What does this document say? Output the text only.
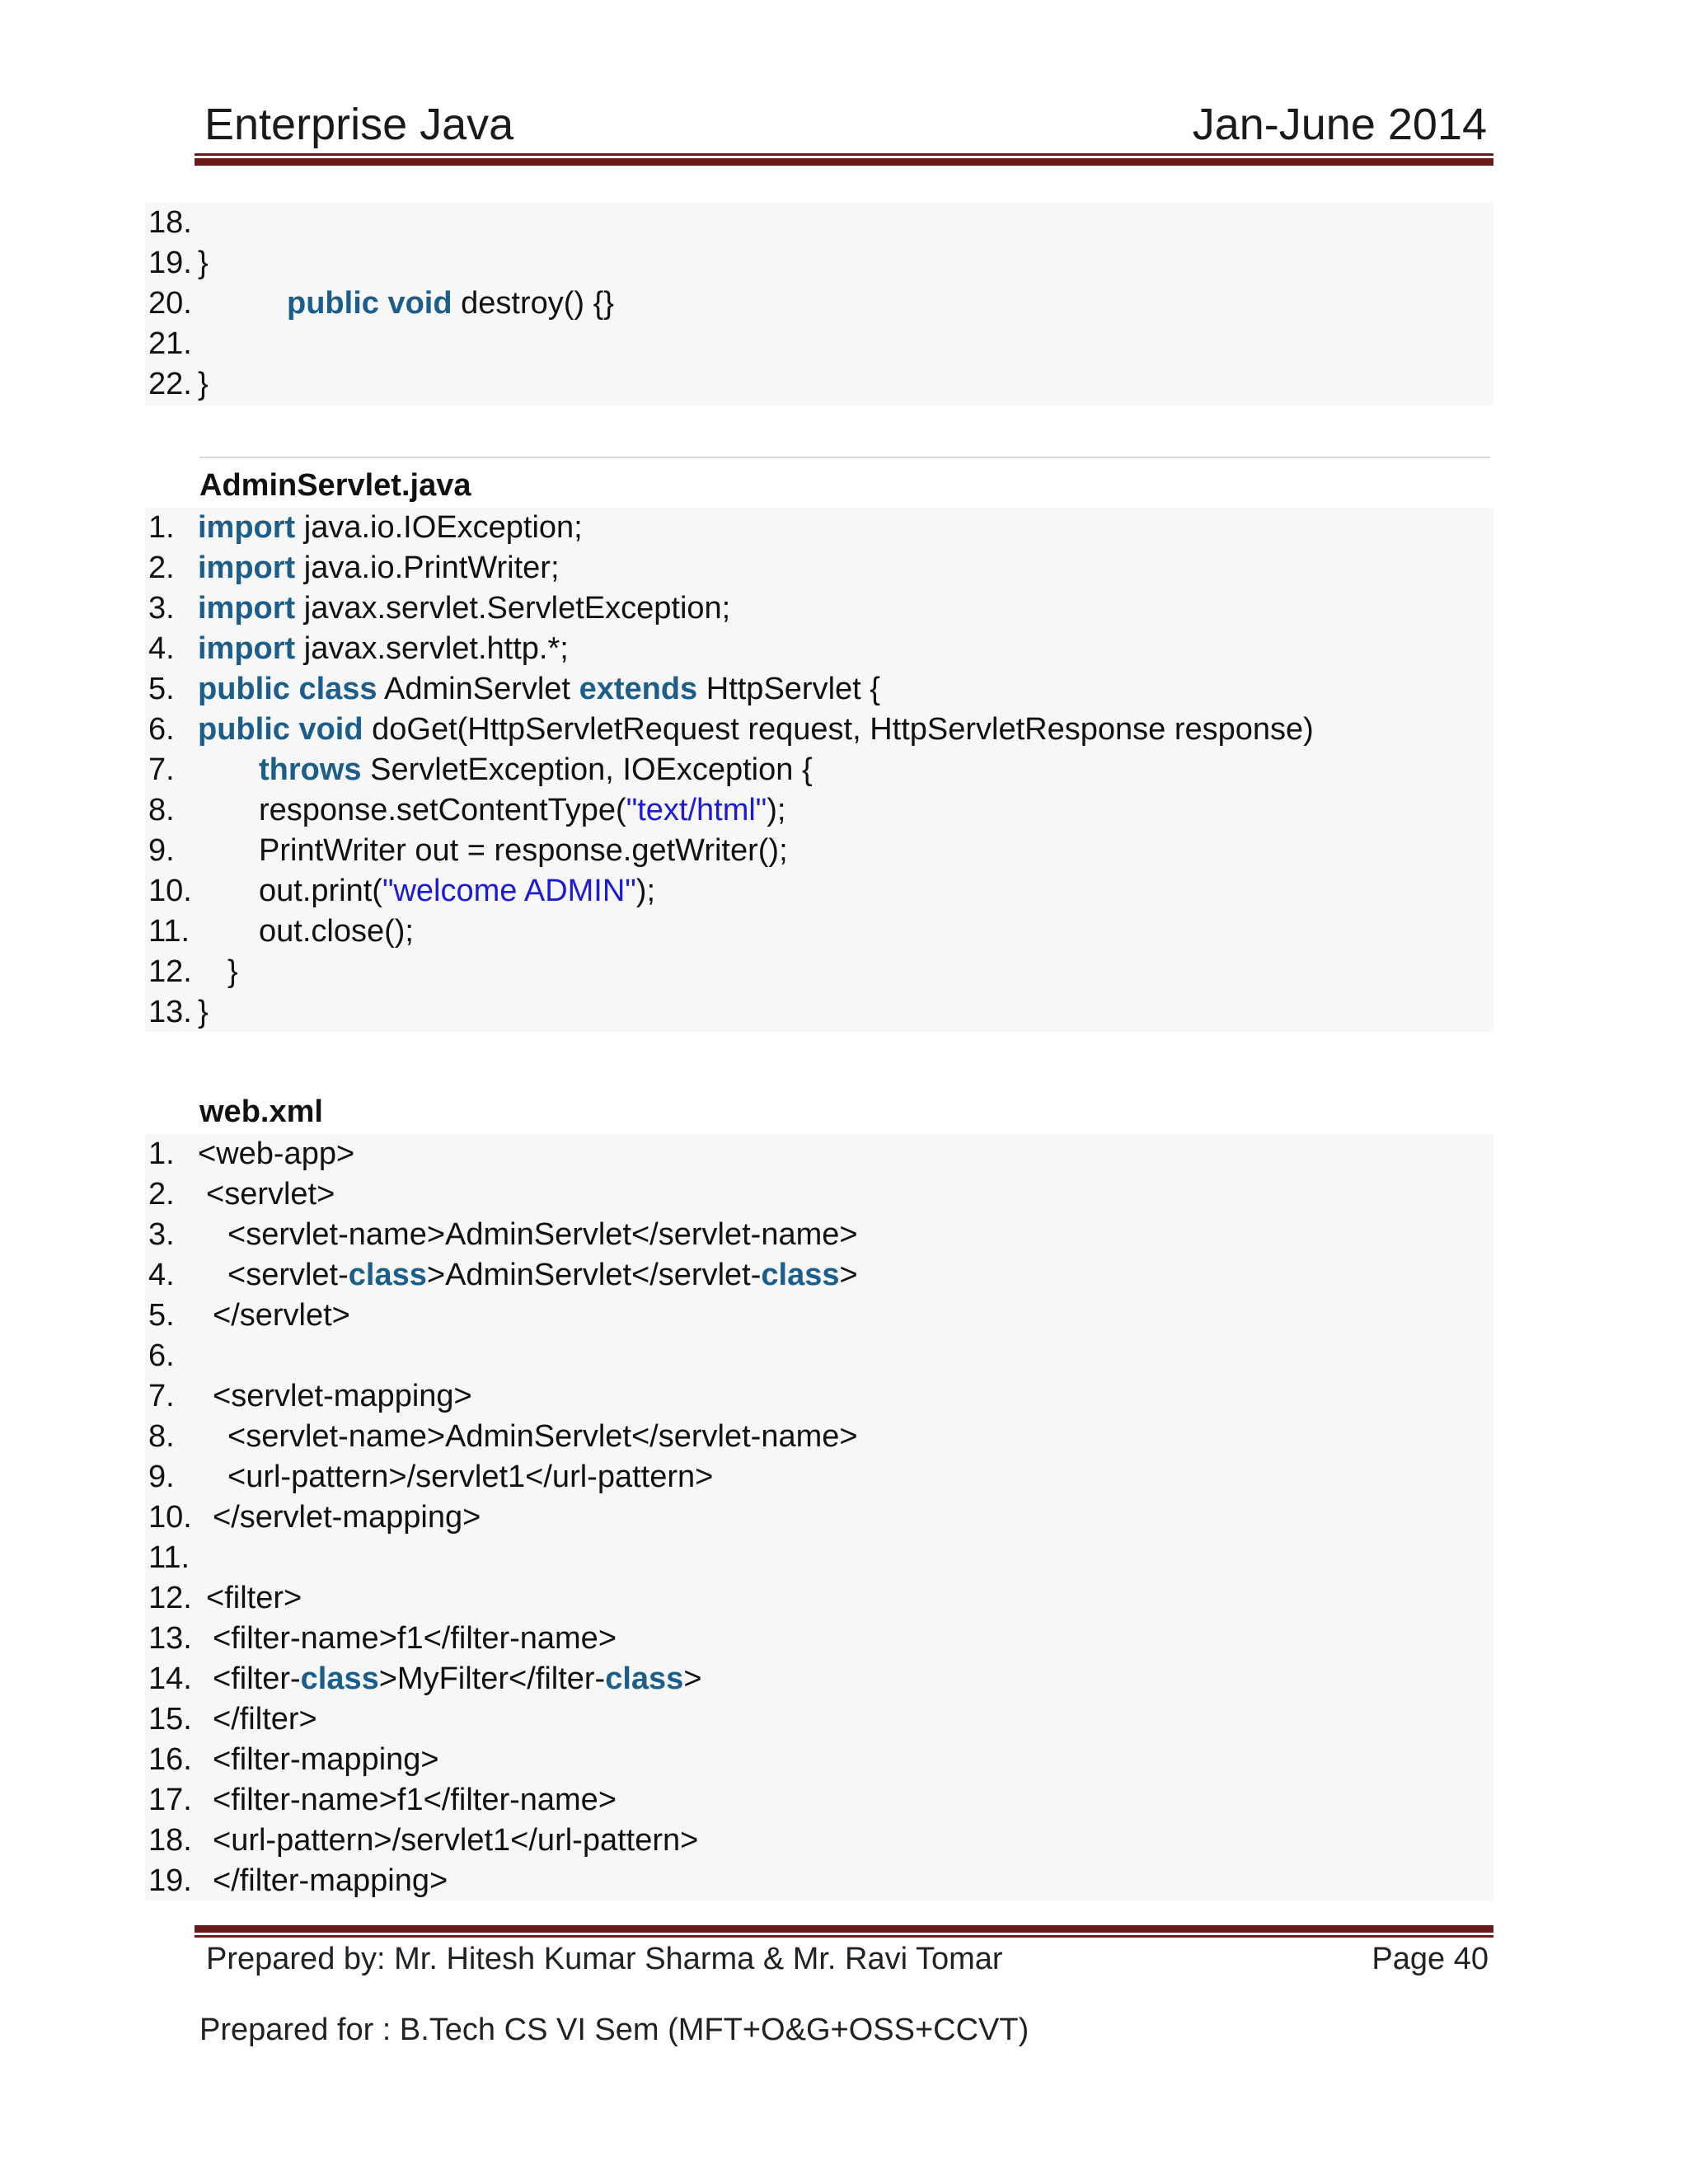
Enterprise Java	Jan-June 2014
18.
19. }
20.	public void destroy() {}
21.
22. }
AdminServlet.java
1. import java.io.IOException;
2. import java.io.PrintWriter;
3. import javax.servlet.ServletException;
4. import javax.servlet.http.*;
5. public class AdminServlet extends HttpServlet {
6. public void doGet(HttpServletRequest request, HttpServletResponse response)
7.	throws ServletException, IOException {
8.	response.setContentType("text/html");
9.	PrintWriter out = response.getWriter();
10. out.print("welcome ADMIN");
11. out.close();
12. }
13. }
web.xml
1. <web-app>
2. <servlet>
3. <servlet-name>AdminServlet</servlet-name>
4. <servlet-class>AdminServlet</servlet-class>
5. </servlet>
6.
7. <servlet-mapping>
8. <servlet-name>AdminServlet</servlet-name>
9. <url-pattern>/servlet1</url-pattern>
10. </servlet-mapping>
11.
12. <filter>
13. <filter-name>f1</filter-name>
14. <filter-class>MyFilter</filter-class>
15. </filter>
16. <filter-mapping>
17. <filter-name>f1</filter-name>
18. <url-pattern>/servlet1</url-pattern>
19. </filter-mapping>
Prepared by: Mr. Hitesh Kumar Sharma & Mr. Ravi Tomar	Page 40
Prepared for : B.Tech CS VI Sem (MFT+O&G+OSS+CCVT)
